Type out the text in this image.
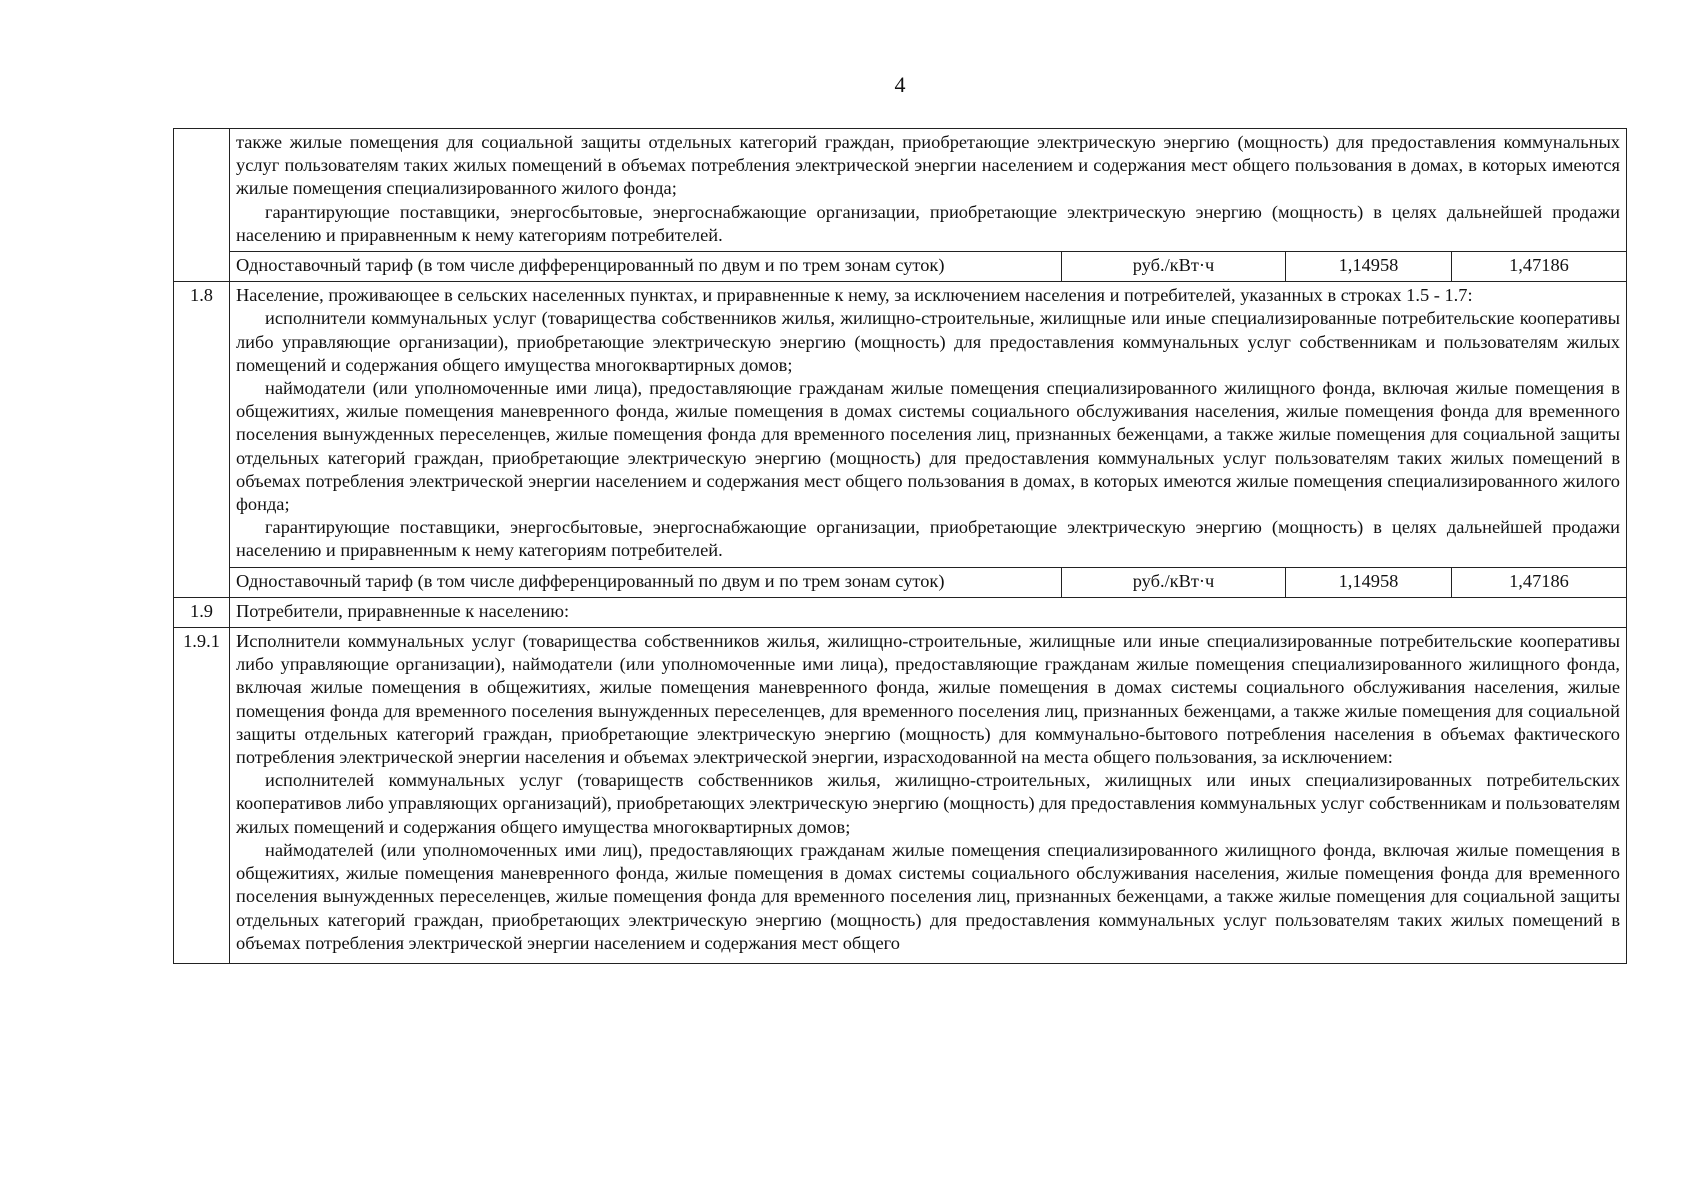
4

	также жилые помещения для социальной защиты отдельных категорий граждан, приобретающие электрическую энергию (мощность) для предоставления коммунальных услуг пользователям таких жилых помещений в объемах потребления электрической энергии населением и содержания мест общего пользования в домах, в которых имеются жилые помещения специализированного жилого фонда;

гарантирующие поставщики, энергосбытовые, энергоснабжающие организации, приобретающие электрическую энергию (мощность) в целях дальнейшей продажи населению и приравненным к нему категориям потребителей.			

	Одноставочный тариф (в том числе дифференцированный по двум и по трем зонам суток)	руб./кВт·ч	1,14958	1,47186
1.8	Население, проживающее в сельских населенных пунктах, и приравненные к нему, за исключением населения и потребителей, указанных в строках 1.5 - 1.7:

исполнители коммунальных услуг (товарищества собственников жилья, жилищно-строительные, жилищные или иные специализированные потребительские кооперативы либо управляющие организации), приобретающие электрическую энергию (мощность) для предоставления коммунальных услуг собственникам и пользователям жилых помещений и содержания общего имущества многоквартирных домов;

наймодатели (или уполномоченные ими лица), предоставляющие гражданам жилые помещения специализированного жилищного фонда, включая жилые помещения в общежитиях, жилые помещения маневренного фонда, жилые помещения в домах системы социального обслуживания населения, жилые помещения фонда для временного поселения вынужденных переселенцев, жилые помещения фонда для временного поселения лиц, признанных беженцами, а также жилые помещения для социальной защиты отдельных категорий граждан, приобретающие электрическую энергию (мощность) для предоставления коммунальных услуг пользователям таких жилых помещений в объемах потребления электрической энергии населением и содержания мест общего пользования в домах, в которых имеются жилые помещения специализированного жилого фонда;

гарантирующие поставщики, энергосбытовые, энергоснабжающие организации, приобретающие электрическую энергию (мощность) в целях дальнейшей продажи населению и приравненным к нему категориям потребителей.			

	Одноставочный тариф (в том числе дифференцированный по двум и по трем зонам суток)	руб./кВт·ч	1,14958	1,47186
1.9	Потребители, приравненные к населению:			
1.9.1	Исполнители коммунальных услуг (товарищества собственников жилья, жилищно-строительные, жилищные или иные специализированные потребительские кооперативы либо управляющие организации), наймодатели (или уполномоченные ими лица), предоставляющие гражданам жилые помещения специализированного жилищного фонда, включая жилые помещения в общежитиях, жилые помещения маневренного фонда, жилые помещения в домах системы социального обслуживания населения, жилые помещения фонда для временного поселения вынужденных переселенцев, для временного поселения лиц, признанных беженцами, а также жилые помещения для социальной защиты отдельных категорий граждан, приобретающие электрическую энергию (мощность) для коммунально-бытового потребления населения в объемах фактического потребления электрической энергии населения и объемах электрической энергии, израсходованной на места общего пользования, за исключением:

исполнителей коммунальных услуг (товариществ собственников жилья, жилищно-строительных, жилищных или иных специализированных потребительских кооперативов либо управляющих организаций), приобретающих электрическую энергию (мощность) для предоставления коммунальных услуг собственникам и пользователям жилых помещений и содержания общего имущества многоквартирных домов;

наймодателей (или уполномоченных ими лиц), предоставляющих гражданам жилые помещения специализированного жилищного фонда, включая жилые помещения в общежитиях, жилые помещения маневренного фонда, жилые помещения в домах системы социального обслуживания населения, жилые помещения фонда для временного поселения вынужденных переселенцев, жилые помещения фонда для временного поселения лиц, признанных беженцами, а также жилые помещения для социальной защиты отдельных категорий граждан, приобретающих электрическую энергию (мощность) для предоставления коммунальных услуг пользователям таких жилых помещений в объемах потребления электрической энергии населением и содержания мест общего			
